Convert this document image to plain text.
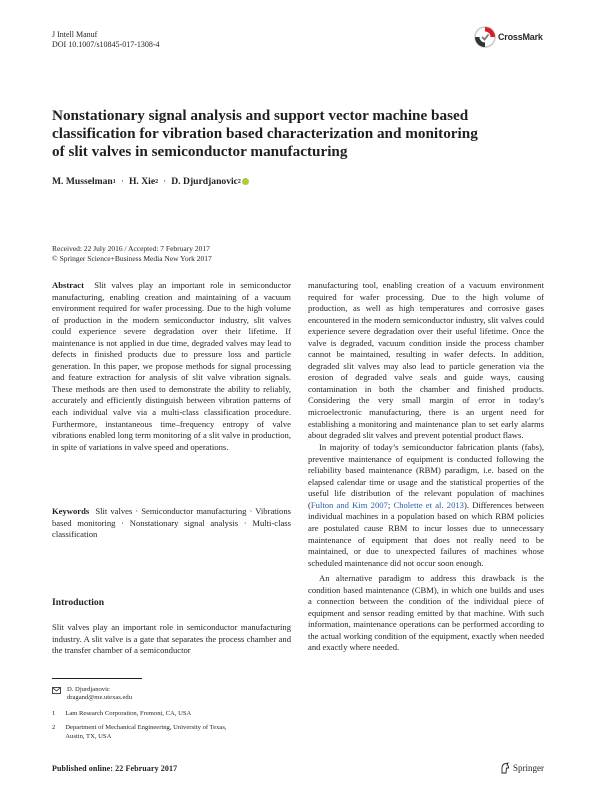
J Intell Manuf
DOI 10.1007/s10845-017-1308-4
CrossMark
Nonstationary signal analysis and support vector machine based
classification for vibration based characterization and monitoring
of slit valves in semiconductor manufacturing
M. Musselman 1 · H. Xie 2 · D. Djurdjanovic 2
Received: 22 July 2016 / Accepted: 7 February 2017
© Springer Science+Business Media New York 2017

Abstract Slit valves play an important role in semiconductor manufacturing, enabling creation and maintaining of a vacuum environment required for wafer processing. Due to the high volume of production in the modern semiconductor industry, slit valves could experience severe degradation over their lifetime. If maintenance is not applied in due time, degraded valves may lead to defects in finished products due to pressure loss and particle generation. In this paper, we propose methods for signal processing and feature extraction for analysis of slit valve vibration signals. These methods are then used to demonstrate the ability to reliably, accurately and efficiently distinguish between vibration patterns of each individual valve via a multi-class classification procedure. Furthermore, instantaneous time–frequency entropy of valve vibrations enabled long term monitoring of a slit valve in production, in spite of variations in valve speed and operations.

Keywords Slit valves · Semiconductor manufacturing · Vibrations based monitoring · Nonstationary signal analysis · Multi-class classification

Introduction

Slit valves play an important role in semiconductor manufacturing industry. A slit valve is a gate that separates the process chamber and the transfer chamber of a semiconductor

D. Djurdjanovic
dragand@me.utexas.edu
1 Lam Research Corporation, Fremont, CA, USA
2 Department of Mechanical Engineering, University of Texas, Austin, TX, USA

manufacturing tool, enabling creation of a vacuum environment required for wafer processing. Due to the high volume of production, as well as high temperatures and corrosive gases encountered in the modern semiconductor industry, slit valves could experience severe degradation over their useful lifetime. Once the valve is degraded, vacuum condition inside the process chamber cannot be maintained, resulting in wafer defects. In addition, degraded slit valves may also lead to particle generation via the erosion of degraded valve seals and guide ways, causing contamination in both the chamber and finished products. Considering the very small margin of error in today’s microelectronic manufacturing, there is an urgent need for establishing a monitoring and maintenance plan to set early alarms about degraded slit valves and prevent potential product flaws.

In majority of today’s semiconductor fabrication plants (fabs), preventive maintenance of equipment is conducted following the reliability based maintenance (RBM) paradigm, i.e. based on the elapsed calendar time or usage and the statistical properties of the useful life distribution of the relevant population of machines (Fulton and Kim 2007; Cholette et al. 2013). Differences between individual machines in a population based on which RBM policies are postulated cause RBM to incur losses due to unnecessary maintenance of equipment that does not really need to be maintained, or due to unexpected failures of machines whose scheduled maintenance did not occur soon enough.

An alternative paradigm to address this drawback is the condition based maintenance (CBM), in which one builds and uses a connection between the condition of the individual piece of equipment and sensor reading emitted by that machine. With such information, maintenance operations can be performed according to the actual working condition of the equipment, exactly when needed and exactly where needed.

Published online: 22 February 2017	Springer
